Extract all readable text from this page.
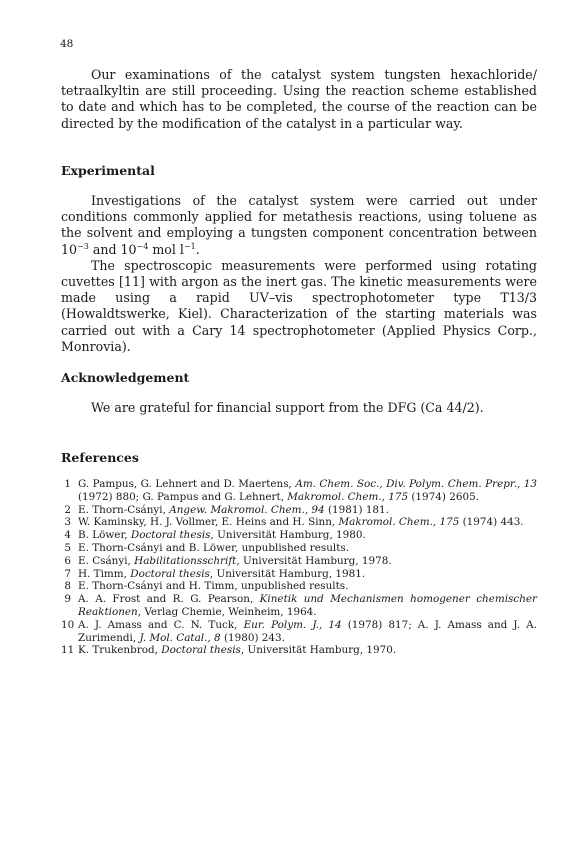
48

Our examinations of the catalyst system tungsten hexachloride/ tetraalkyltin are still proceeding. Using the reaction scheme established to date and which has to be completed, the course of the reaction can be directed by the modification of the catalyst in a particular way.

Experimental

Investigations of the catalyst system were carried out under conditions commonly applied for metathesis reactions, using toluene as the solvent and employing a tungsten component concentration between $10^{-3}$ and $10^{-4}$ mol $l^{-1}$.

The spectroscopic measurements were performed using rotating cuvettes [11] with argon as the inert gas. The kinetic measurements were made using a rapid UV–vis spectrophotometer type T13/3 (Howaldtswerke, Kiel). Characterization of the starting materials was carried out with a Cary 14 spectrophotometer (Applied Physics Corp., Monrovia).

Acknowledgement

We are grateful for financial support from the DFG (Ca 44/2).

References
1 G. Pampus, G. Lehnert and D. Maertens, Am. Chem. Soc., Div. Polym. Chem. Prepr., 13 (1972) 880; G. Pampus and G. Lehnert, Makromol. Chem., 175 (1974) 2605.
2 E. Thorn-Csányi, Angew. Makromol. Chem., 94 (1981) 181.
3 W. Kaminsky, H. J. Vollmer, E. Heins and H. Sinn, Makromol. Chem., 175 (1974) 443.
4 B. Löwer, Doctoral thesis, Universität Hamburg, 1980.
5 E. Thorn-Csányi and B. Löwer, unpublished results.
6 E. Csányi, Habilitationsschrift, Universität Hamburg, 1978.
7 H. Timm, Doctoral thesis, Universität Hamburg, 1981.
8 E. Thorn-Csányi and H. Timm, unpublished results.
9 A. A. Frost and R. G. Pearson, Kinetik und Mechanismen homogener chemischer Reaktionen, Verlag Chemie, Weinheim, 1964.
10 A. J. Amass and C. N. Tuck, Eur. Polym. J., 14 (1978) 817; A. J. Amass and J. A. Zurimendi, J. Mol. Catal., 8 (1980) 243.
11 K. Trukenbrod, Doctoral thesis, Universität Hamburg, 1970.
